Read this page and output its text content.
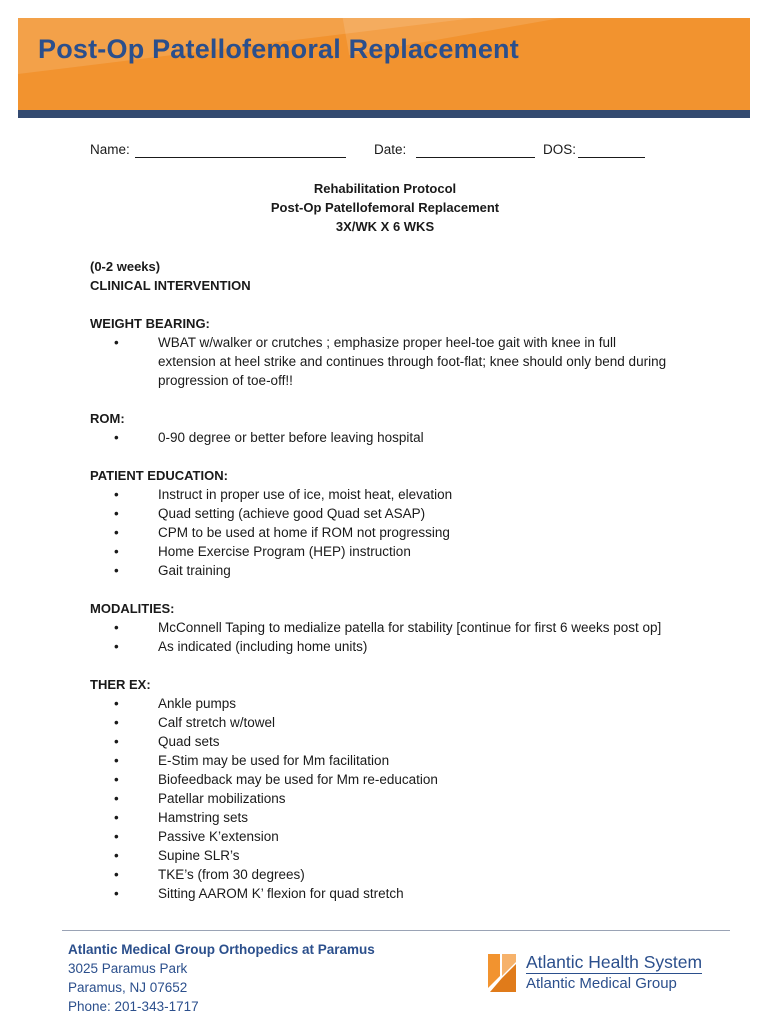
Post-Op Patellofemoral Replacement
Name:	Date:	DOS:
Rehabilitation Protocol
Post-Op Patellofemoral Replacement
3X/WK X 6 WKS
(0-2 weeks)
CLINICAL INTERVENTION
WEIGHT BEARING:
•	WBAT w/walker or crutches ; emphasize proper heel-toe gait with knee in full extension at heel strike and continues through foot-flat; knee should only bend during progression of toe-off!!
ROM:
•	0-90 degree or better before leaving hospital
PATIENT EDUCATION:
•	Instruct in proper use of ice, moist heat, elevation
•	Quad setting (achieve good Quad set ASAP)
•	CPM to be used at home if ROM not progressing
•	Home Exercise Program (HEP) instruction
•	Gait training
MODALITIES:
•	McConnell Taping to medialize patella for stability [continue for first 6 weeks post op]
•	As indicated (including home units)
THER EX:
•	Ankle pumps
•	Calf stretch w/towel
•	Quad sets
•	E-Stim may be used for Mm facilitation
•	Biofeedback may be used for Mm re-education
•	Patellar mobilizations
•	Hamstring sets
•	Passive K’extension
•	Supine SLR’s
•	TKE’s (from 30 degrees)
•	Sitting AAROM K’ flexion for quad stretch
Atlantic Medical Group Orthopedics at Paramus
3025 Paramus Park
Paramus, NJ 07652
Phone: 201-343-1717
Atlantic Health System
Atlantic Medical Group
